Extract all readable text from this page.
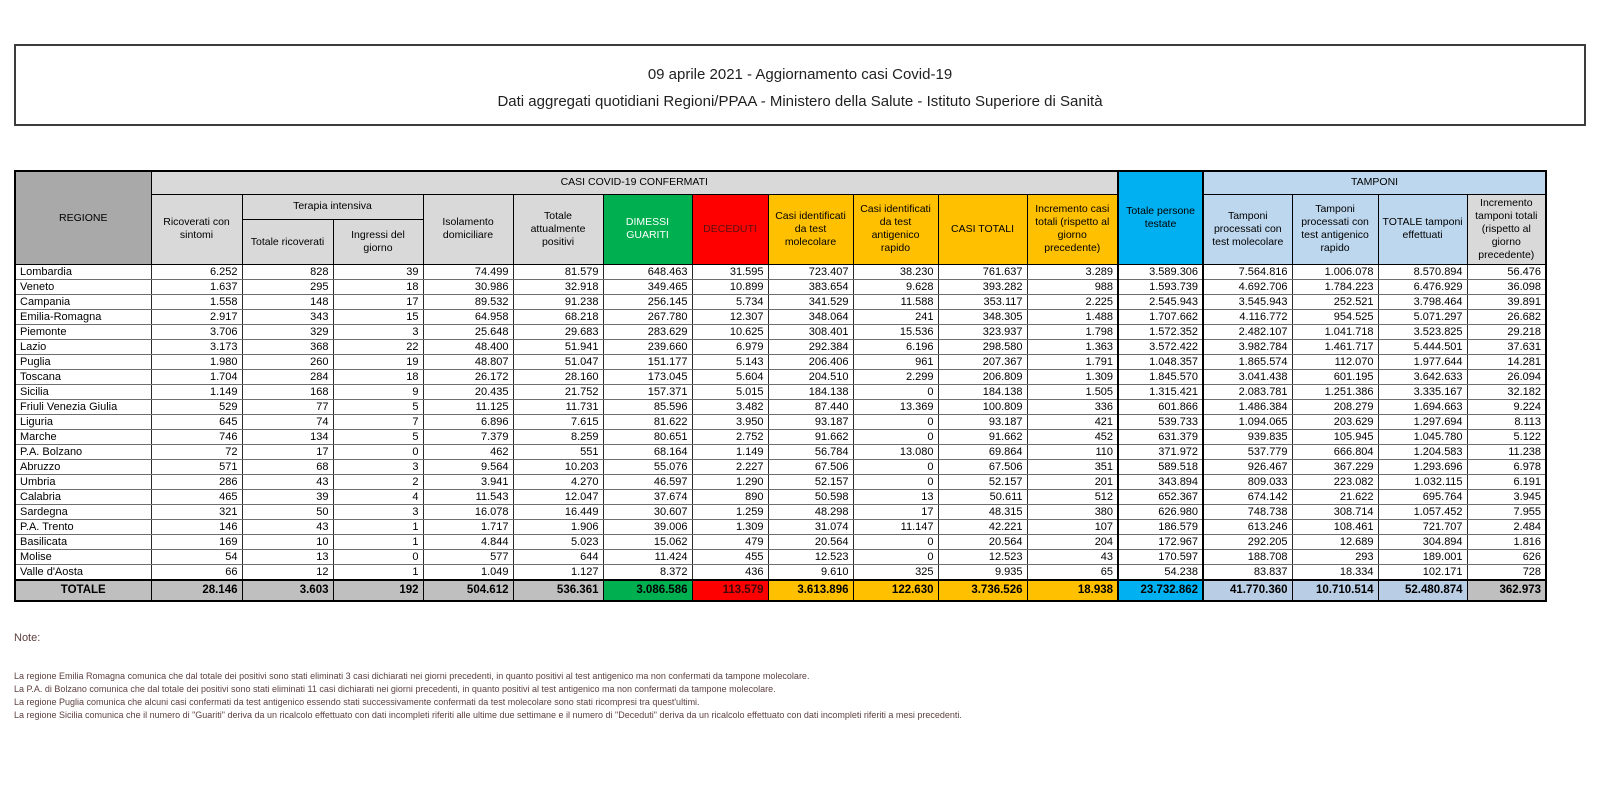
09 aprile 2021 - Aggiornamento casi Covid-19
Dati aggregati quotidiani Regioni/PPAA - Ministero della Salute - Istituto Superiore di Sanità
REGIONE	CASI COVID-19 CONFERMATI											Totale persone testate	TAMPONI			
	Ricoverati con sintomi	Terapia intensiva		Isolamento domiciliare	Totale attualmente positivi	DIMESSI GUARITI	DECEDUTI	Casi identificati da test molecolare	Casi identificati da test antigenico rapido	CASI TOTALI	Incremento casi totali (rispetto al giorno precedente)		Tamponi processati con test molecolare	Tamponi processati con test antigenico rapido	TOTALE tamponi effettuati	Incremento tamponi totali (rispetto al giorno precedente)
		Totale ricoverati	Ingressi del giorno													
Lombardia	6.252	828	39	74.499	81.579	648.463	31.595	723.407	38.230	761.637	3.289	3.589.306	7.564.816	1.006.078	8.570.894	56.476
Veneto	1.637	295	18	30.986	32.918	349.465	10.899	383.654	9.628	393.282	988	1.593.739	4.692.706	1.784.223	6.476.929	36.098
Campania	1.558	148	17	89.532	91.238	256.145	5.734	341.529	11.588	353.117	2.225	2.545.943	3.545.943	252.521	3.798.464	39.891
Emilia-Romagna	2.917	343	15	64.958	68.218	267.780	12.307	348.064	241	348.305	1.488	1.707.662	4.116.772	954.525	5.071.297	26.682
Piemonte	3.706	329	3	25.648	29.683	283.629	10.625	308.401	15.536	323.937	1.798	1.572.352	2.482.107	1.041.718	3.523.825	29.218
Lazio	3.173	368	22	48.400	51.941	239.660	6.979	292.384	6.196	298.580	1.363	3.572.422	3.982.784	1.461.717	5.444.501	37.631
Puglia	1.980	260	19	48.807	51.047	151.177	5.143	206.406	961	207.367	1.791	1.048.357	1.865.574	112.070	1.977.644	14.281
Toscana	1.704	284	18	26.172	28.160	173.045	5.604	204.510	2.299	206.809	1.309	1.845.570	3.041.438	601.195	3.642.633	26.094
Sicilia	1.149	168	9	20.435	21.752	157.371	5.015	184.138	0	184.138	1.505	1.315.421	2.083.781	1.251.386	3.335.167	32.182
Friuli Venezia Giulia	529	77	5	11.125	11.731	85.596	3.482	87.440	13.369	100.809	336	601.866	1.486.384	208.279	1.694.663	9.224
Liguria	645	74	7	6.896	7.615	81.622	3.950	93.187	0	93.187	421	539.733	1.094.065	203.629	1.297.694	8.113
Marche	746	134	5	7.379	8.259	80.651	2.752	91.662	0	91.662	452	631.379	939.835	105.945	1.045.780	5.122
P.A. Bolzano	72	17	0	462	551	68.164	1.149	56.784	13.080	69.864	110	371.972	537.779	666.804	1.204.583	11.238
Abruzzo	571	68	3	9.564	10.203	55.076	2.227	67.506	0	67.506	351	589.518	926.467	367.229	1.293.696	6.978
Umbria	286	43	2	3.941	4.270	46.597	1.290	52.157	0	52.157	201	343.894	809.033	223.082	1.032.115	6.191
Calabria	465	39	4	11.543	12.047	37.674	890	50.598	13	50.611	512	652.367	674.142	21.622	695.764	3.945
Sardegna	321	50	3	16.078	16.449	30.607	1.259	48.298	17	48.315	380	626.980	748.738	308.714	1.057.452	7.955
P.A. Trento	146	43	1	1.717	1.906	39.006	1.309	31.074	11.147	42.221	107	186.579	613.246	108.461	721.707	2.484
Basilicata	169	10	1	4.844	5.023	15.062	479	20.564	0	20.564	204	172.967	292.205	12.689	304.894	1.816
Molise	54	13	0	577	644	11.424	455	12.523	0	12.523	43	170.597	188.708	293	189.001	626
Valle d'Aosta	66	12	1	1.049	1.127	8.372	436	9.610	325	9.935	65	54.238	83.837	18.334	102.171	728
TOTALE	28.146	3.603	192	504.612	536.361	3.086.586	113.579	3.613.896	122.630	3.736.526	18.938	23.732.862	41.770.360	10.710.514	52.480.874	362.973
Note:
La regione Emilia Romagna comunica che dal totale dei positivi sono stati eliminati 3 casi dichiarati nei giorni precedenti, in quanto positivi al test antigenico ma non confermati da tampone molecolare.
La P.A. di Bolzano comunica che dal totale dei positivi sono stati eliminati 11 casi dichiarati nei giorni precedenti, in quanto positivi al test antigenico ma non confermati da tampone molecolare.
La regione Puglia comunica che alcuni casi confermati da test antigenico essendo stati successivamente confermati da test molecolare sono stati ricompresi tra quest'ultimi.
La regione Sicilia comunica che il numero di "Guariti" deriva da un ricalcolo effettuato con dati incompleti riferiti alle ultime due settimane e il numero di "Deceduti" deriva da un ricalcolo effettuato con dati incompleti riferiti a mesi precedenti.
